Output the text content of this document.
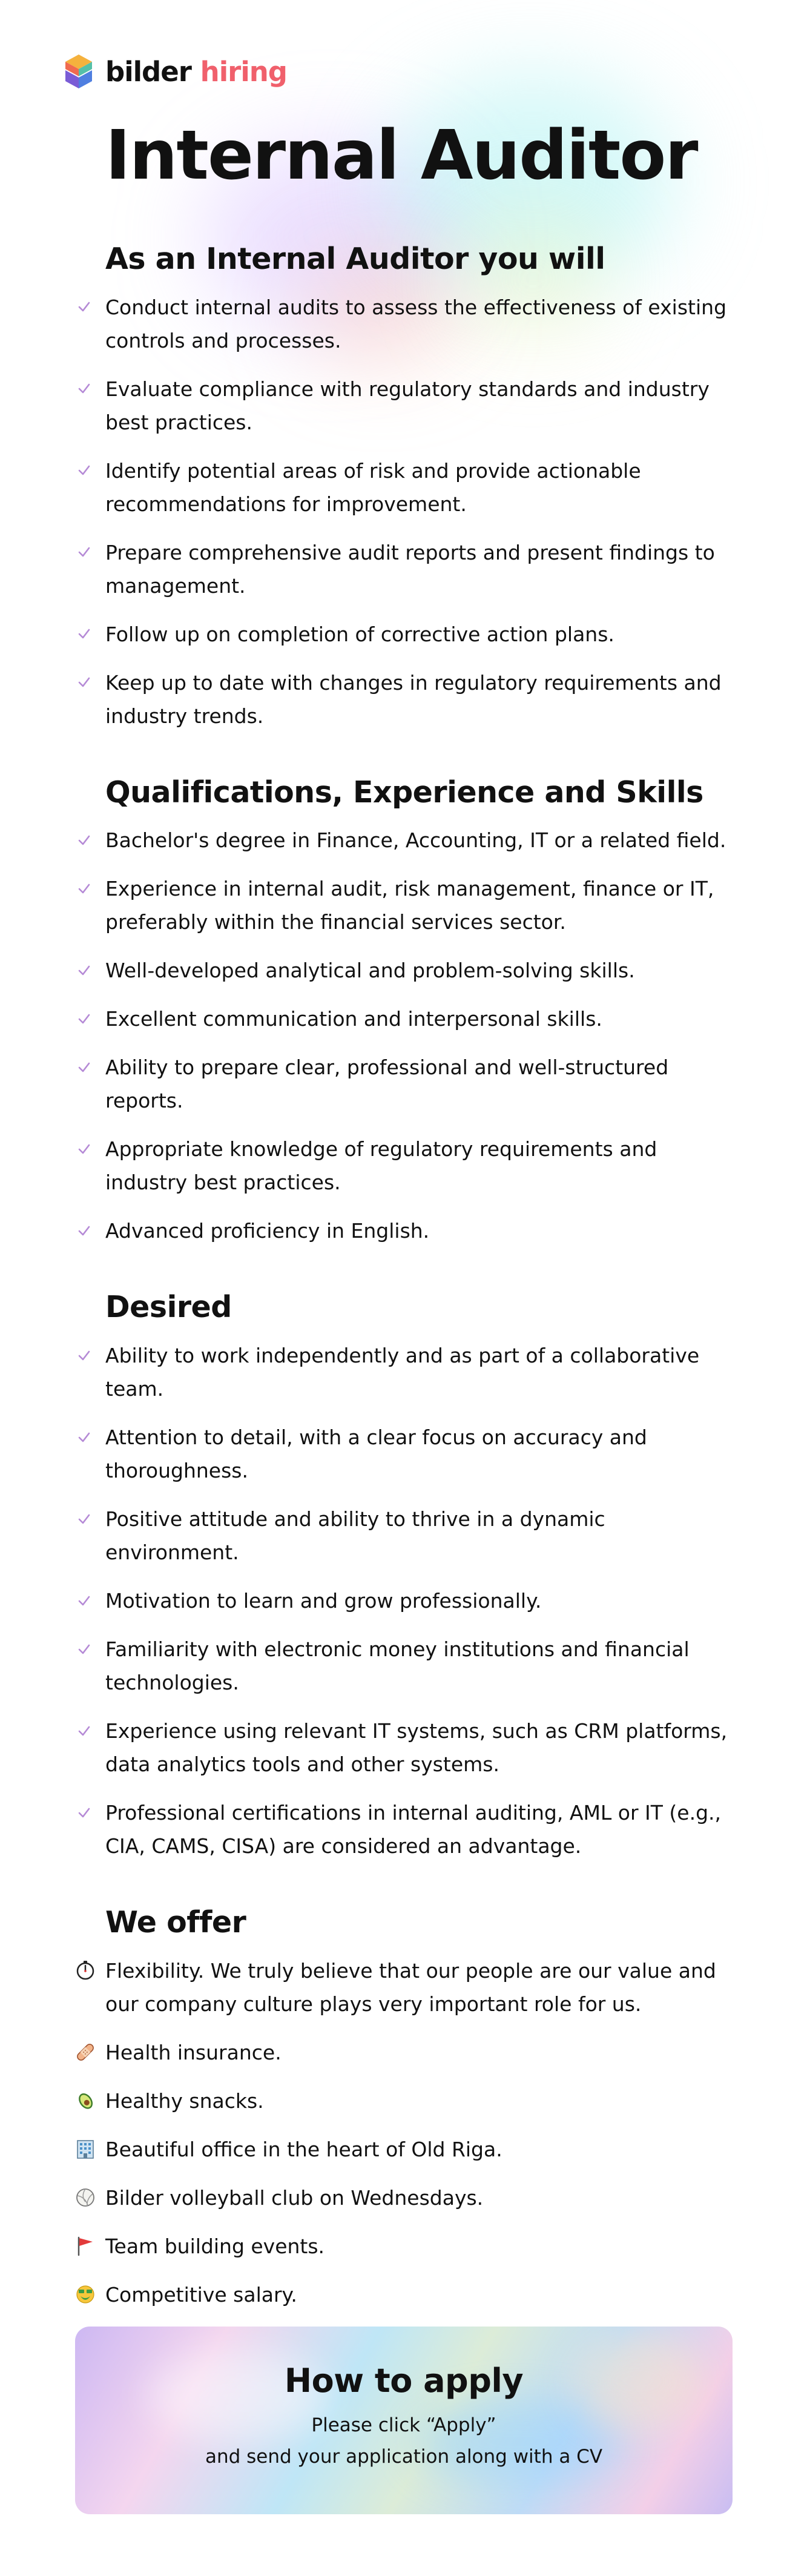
bilder hiring
Internal Auditor
As an Internal Auditor you will
Conduct internal audits to assess the effectiveness of existing controls and processes.
Evaluate compliance with regulatory standards and industry best practices.
Identify potential areas of risk and provide actionable recommendations for improvement.
Prepare comprehensive audit reports and present findings to management.
Follow up on completion of corrective action plans.
Keep up to date with changes in regulatory requirements and industry trends.
Qualifications, Experience and Skills
Bachelor's degree in Finance, Accounting, IT or a related field.
Experience in internal audit, risk management, finance or IT, preferably within the financial services sector.
Well-developed analytical and problem-solving skills.
Excellent communication and interpersonal skills.
Ability to prepare clear, professional and well-structured reports.
Appropriate knowledge of regulatory requirements and industry best practices.
Advanced proficiency in English.
Desired
Ability to work independently and as part of a collaborative team.
Attention to detail, with a clear focus on accuracy and thoroughness.
Positive attitude and ability to thrive in a dynamic environment.
Motivation to learn and grow professionally.
Familiarity with electronic money institutions and financial technologies.
Experience using relevant IT systems, such as CRM platforms, data analytics tools and other systems.
Professional certifications in internal auditing, AML or IT (e.g., CIA, CAMS, CISA) are considered an advantage.
We offer
Flexibility. We truly believe that our people are our value and our company culture plays very important role for us.
Health insurance.
Healthy snacks.
Beautiful office in the heart of Old Riga.
Bilder volleyball club on Wednesdays.
Team building events.
Competitive salary.
How to apply
Please click “Apply”
and send your application along with a CV
